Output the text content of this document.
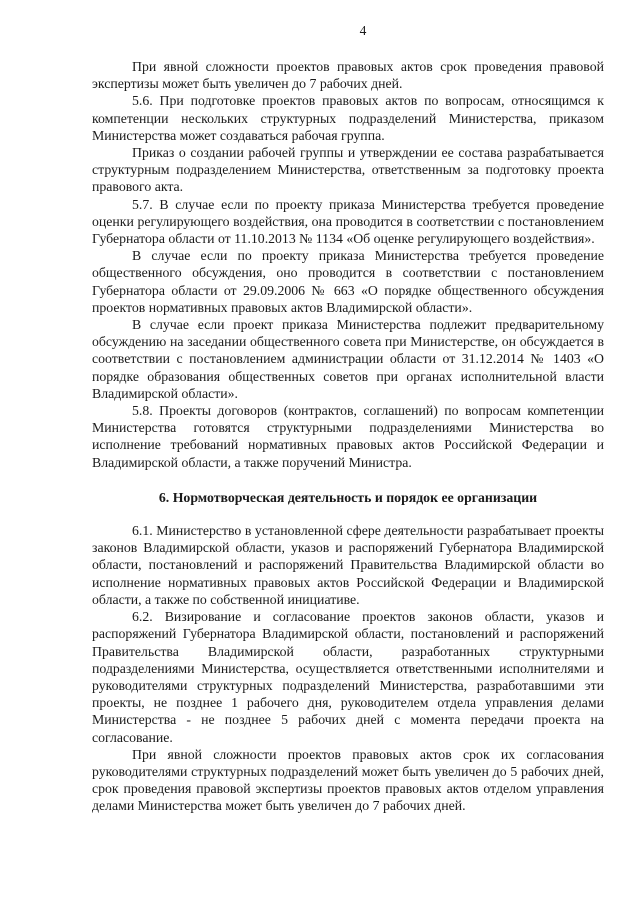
4

При явной сложности проектов правовых актов срок проведения правовой экспертизы может быть увеличен до 7 рабочих дней.

5.6. При подготовке проектов правовых актов по вопросам, относящимся к компетенции нескольких структурных подразделений Министерства, приказом Министерства может создаваться рабочая группа.

Приказ о создании рабочей группы и утверждении ее состава разрабатывается структурным подразделением Министерства, ответственным за подготовку проекта правового акта.

5.7. В случае если по проекту приказа Министерства требуется проведение оценки регулирующего воздействия, она проводится в соответствии с постановлением Губернатора области от 11.10.2013 № 1134 «Об оценке регулирующего воздействия».

В случае если по проекту приказа Министерства требуется проведение общественного обсуждения, оно проводится в соответствии с постановлением Губернатора области от 29.09.2006 № 663 «О порядке общественного обсуждения проектов нормативных правовых актов Владимирской области».

В случае если проект приказа Министерства подлежит предварительному обсуждению на заседании общественного совета при Министерстве, он обсуждается в соответствии с постановлением администрации области от 31.12.2014 № 1403 «О порядке образования общественных советов при органах исполнительной власти Владимирской области».

5.8. Проекты договоров (контрактов, соглашений) по вопросам компетенции Министерства готовятся структурными подразделениями Министерства во исполнение требований нормативных правовых актов Российской Федерации и Владимирской области, а также поручений Министра.

6. Нормотворческая деятельность и порядок ее организации

6.1. Министерство в установленной сфере деятельности разрабатывает проекты законов Владимирской области, указов и распоряжений Губернатора Владимирской области, постановлений и распоряжений Правительства Владимирской области во исполнение нормативных правовых актов Российской Федерации и Владимирской области, а также по собственной инициативе.

6.2. Визирование и согласование проектов законов области, указов и распоряжений Губернатора Владимирской области, постановлений и распоряжений Правительства Владимирской области, разработанных структурными подразделениями Министерства, осуществляется ответственными исполнителями и руководителями структурных подразделений Министерства, разработавшими эти проекты, не позднее 1 рабочего дня, руководителем отдела управления делами Министерства - не позднее 5 рабочих дней с момента передачи проекта на согласование.

При явной сложности проектов правовых актов срок их согласования руководителями структурных подразделений может быть увеличен до 5 рабочих дней, срок проведения правовой экспертизы проектов правовых актов отделом управления делами Министерства может быть увеличен до 7 рабочих дней.
